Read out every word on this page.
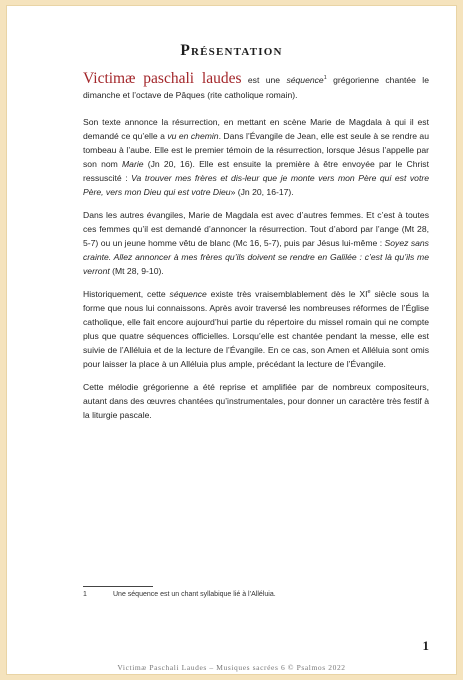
Présentation

Victimæ paschali laudes est une séquence$^1$ grégorienne chantée le dimanche et l’octave de Pâques (rite catholique romain).

Son texte annonce la résurrection, en mettant en scène Marie de Magdala à qui il est demandé ce qu’elle a vu en chemin. Dans l’Évangile de Jean, elle est seule à se rendre au tombeau à l’aube. Elle est le premier témoin de la résurrection, lorsque Jésus l’appelle par son nom Marie (Jn 20, 16). Elle est ensuite la première à être envoyée par le Christ ressuscité : Va trouver mes frères et dis-leur que je monte vers mon Père qui est votre Père, vers mon Dieu qui est votre Dieu» (Jn 20, 16-17).

Dans les autres évangiles, Marie de Magdala est avec d’autres femmes. Et c’est à toutes ces femmes qu’il est demandé d’annoncer la résurrection. Tout d’abord par l’ange (Mt 28, 5-7) ou un jeune homme vêtu de blanc (Mc 16, 5-7), puis par Jésus lui-même : Soyez sans crainte. Allez annoncer à mes frères qu’ils doivent se rendre en Galilée : c’est là qu’ils me verront (Mt 28, 9-10).

Historiquement, cette séquence existe très vraisemblablement dès le XIe siècle sous la forme que nous lui connaissons. Après avoir traversé les nombreuses réformes de l’Église catholique, elle fait encore aujourd’hui partie du répertoire du missel romain qui ne compte plus que quatre séquences officielles. Lorsqu’elle est chantée pendant la messe, elle est suivie de l’Alléluia et de la lecture de l’Évangile. En ce cas, son Amen et Alléluia sont omis pour laisser la place à un Alléluia plus ample, précédant la lecture de l’Évangile.

Cette mélodie grégorienne a été reprise et amplifiée par de nombreux compositeurs, autant dans des œuvres chantées qu’instrumentales, pour donner un caractère très festif à la liturgie pascale.

1	Une séquence est un chant syllabique lié à l’Alléluia.
1
Victimæ Paschali Laudes – Musiques sacrées 6 © Psalmos 2022
